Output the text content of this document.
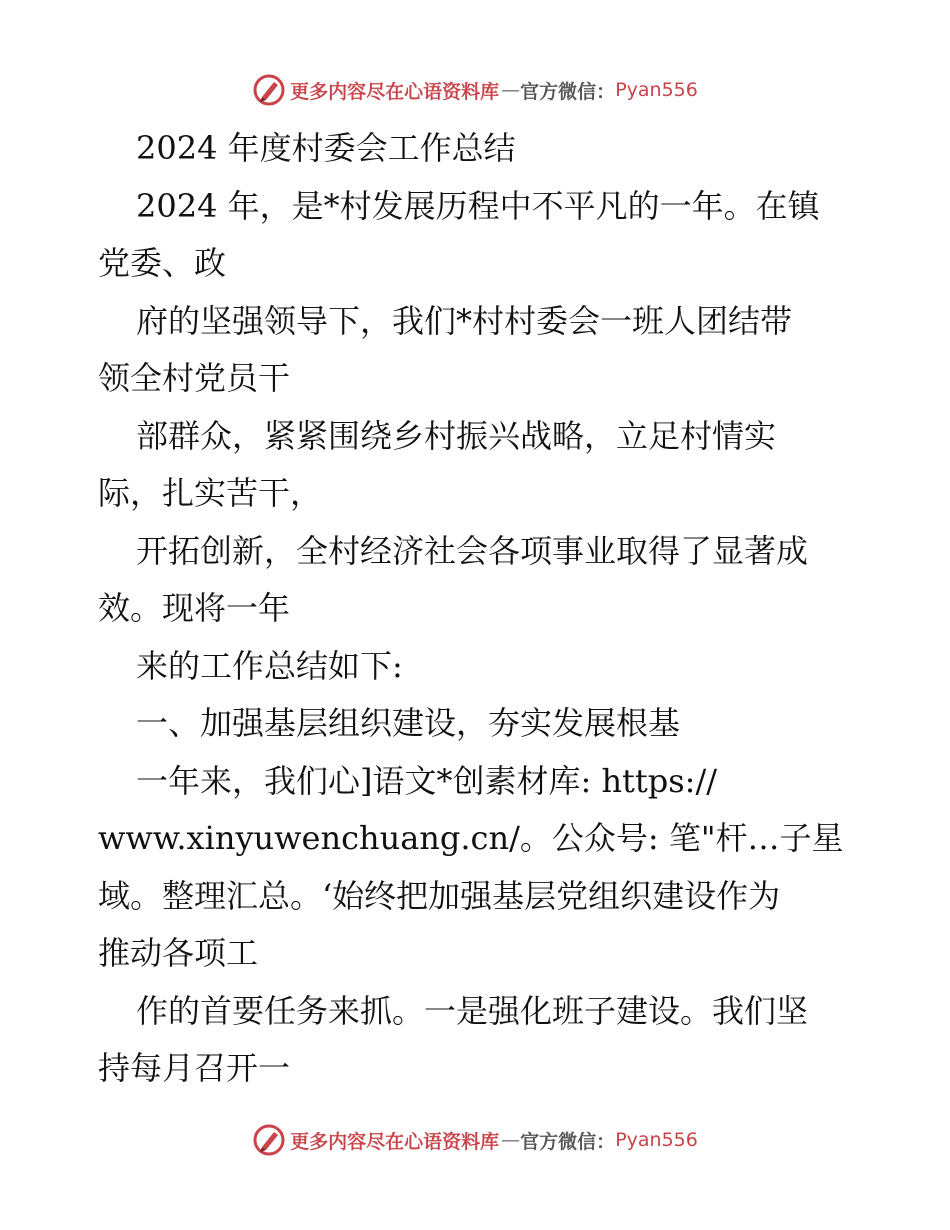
更多内容尽在心语资料库 — 官方微信： Pyan556
2024 年度村委会工作总结
2024 年，是*村发展历程中不平凡的一年。在镇
党委、政
府的坚强领导下，我们*村村委会一班人团结带
领全村党员干
部群众，紧紧围绕乡村振兴战略，立足村情实
际，扎实苦干，
开拓创新，全村经济社会各项事业取得了显著成
效。现将一年
来的工作总结如下:
一、加强基层组织建设，夯实发展根基
一年来，我们心]语文*创素材库: https://
www.xinyuwenchuang.cn/。公众号: 笔"杆…子星
域。整理汇总。‘始终把加强基层党组织建设作为
推动各项工
作的首要任务来抓。一是强化班子建设。我们坚
持每月召开一
更多内容尽在心语资料库 — 官方微信： Pyan556
